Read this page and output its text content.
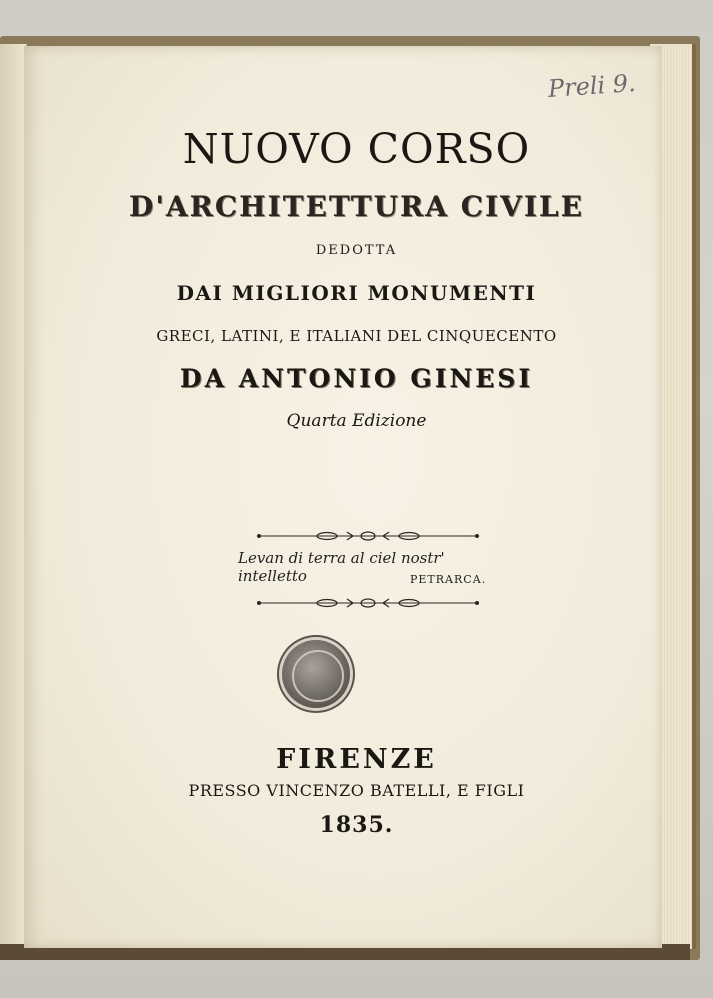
Preli 9.
NUOVO CORSO
D'ARCHITETTURA CIVILE
DEDOTTA
DAI MIGLIORI MONUMENTI
GRECI, LATINI, E ITALIANI DEL CINQUECENTO
DA ANTONIO GINESI
Quarta Edizione
Levan di terra al ciel nostr' intelletto	PETRARCA.
FIRENZE
PRESSO VINCENZO BATELLI, E FIGLI
1835.
